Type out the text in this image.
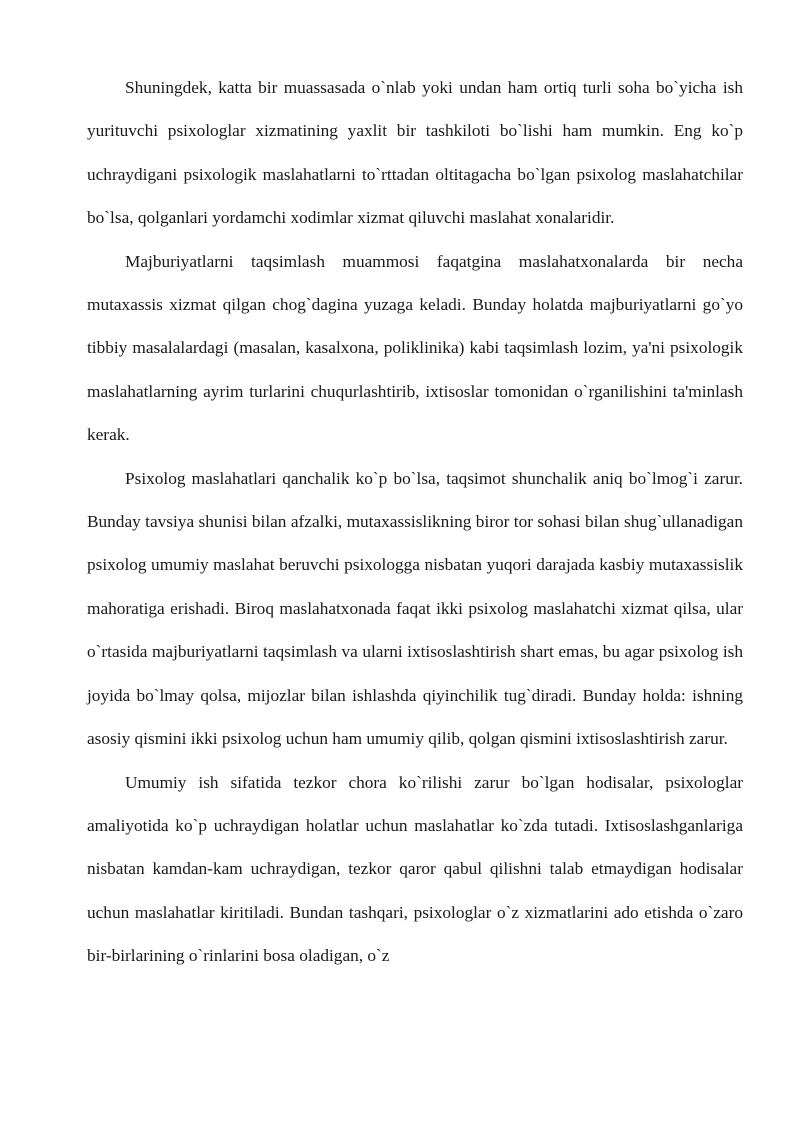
Shuningdek, katta bir muassasada o`nlab yoki undan ham ortiq turli soha bo`yicha ish yurituvchi psixologlar xizmatining yaxlit bir tashkiloti bo`lishi ham mumkin. Eng ko`p uchraydigani psixologik maslahatlarni to`rttadan oltitagacha bo`lgan psixolog maslahatchilar bo`lsa, qolganlari yordamchi xodimlar xizmat qiluvchi maslahat xonalaridir.

Majburiyatlarni taqsimlash muammosi faqatgina maslahatxonalarda bir necha mutaxassis xizmat qilgan chog`dagina yuzaga keladi. Bunday holatda majburiyatlarni go`yo tibbiy masalalardagi (masalan, kasalxona, poliklinika) kabi taqsimlash lozim, ya'ni psixologik maslahatlarning ayrim turlarini chuqurlashtirib, ixtisoslar tomonidan o`rganilishini ta'minlash kerak.

Psixolog maslahatlari qanchalik ko`p bo`lsa, taqsimot shunchalik aniq bo`lmog`i zarur. Bunday tavsiya shunisi bilan afzalki, mutaxassislikning biror tor sohasi bilan shug`ullanadigan psixolog umumiy maslahat beruvchi psixologga nisbatan yuqori darajada kasbiy mutaxassislik mahoratiga erishadi. Biroq maslahatxonada faqat ikki psixolog maslahatchi xizmat qilsa, ular o`rtasida majburiyatlarni taqsimlash va ularni ixtisoslashtirish shart emas, bu agar psixolog ish joyida bo`lmay qolsa, mijozlar bilan ishlashda qiyinchilik tug`diradi. Bunday holda: ishning asosiy qismini ikki psixolog uchun ham umumiy qilib, qolgan qismini ixtisoslashtirish zarur.

Umumiy ish sifatida tezkor chora ko`rilishi zarur bo`lgan hodisalar, psixologlar amaliyotida ko`p uchraydigan holatlar uchun maslahatlar ko`zda tutadi. Ixtisoslashganlariga nisbatan kamdan-kam uchraydigan, tezkor qaror qabul qilishni talab etmaydigan hodisalar uchun maslahatlar kiritiladi. Bundan tashqari, psixologlar o`z xizmatlarini ado etishda o`zaro bir-birlarining o`rinlarini bosa oladigan, o`z
